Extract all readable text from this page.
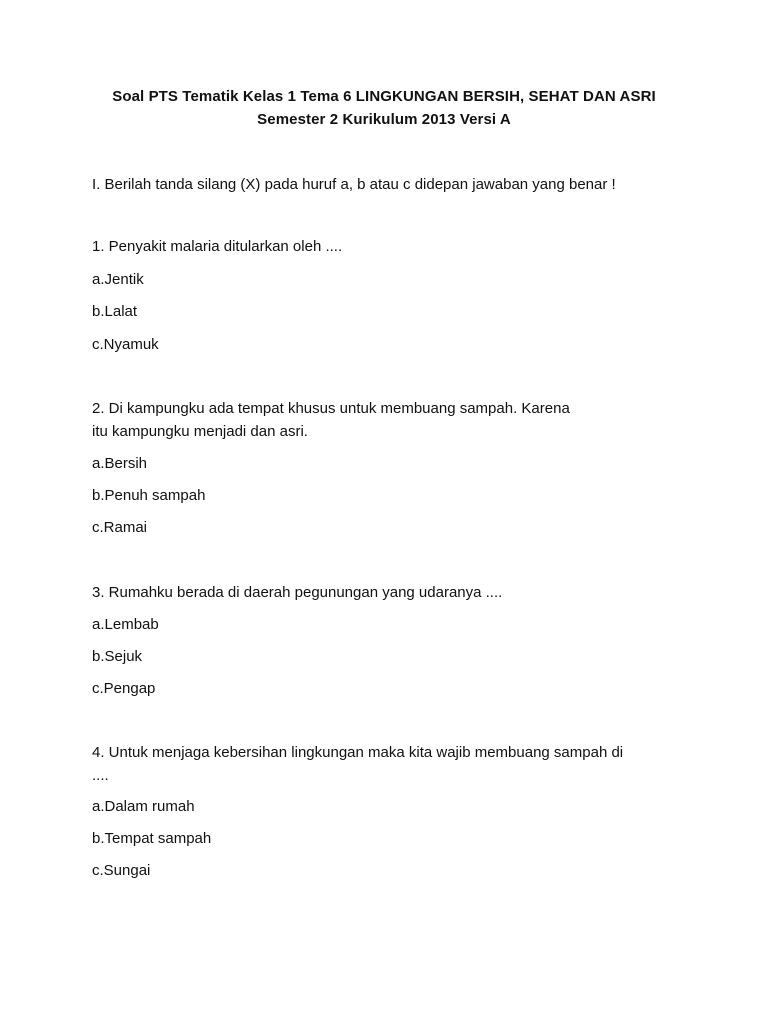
Soal PTS Tematik Kelas 1 Tema 6 LINGKUNGAN BERSIH, SEHAT DAN ASRI
Semester 2 Kurikulum 2013 Versi A
I. Berilah tanda silang (X) pada huruf a, b atau c didepan jawaban yang benar !
1. Penyakit malaria ditularkan oleh ....
a.Jentik
b.Lalat
c.Nyamuk
2. Di kampungku ada tempat khusus untuk membuang sampah. Karena
itu kampungku menjadi dan asri.
a.Bersih
b.Penuh sampah
c.Ramai
3. Rumahku berada di daerah pegunungan yang udaranya ....
a.Lembab
b.Sejuk
c.Pengap
4. Untuk menjaga kebersihan lingkungan maka kita wajib membuang sampah di
....
a.Dalam rumah
b.Tempat sampah
c.Sungai
